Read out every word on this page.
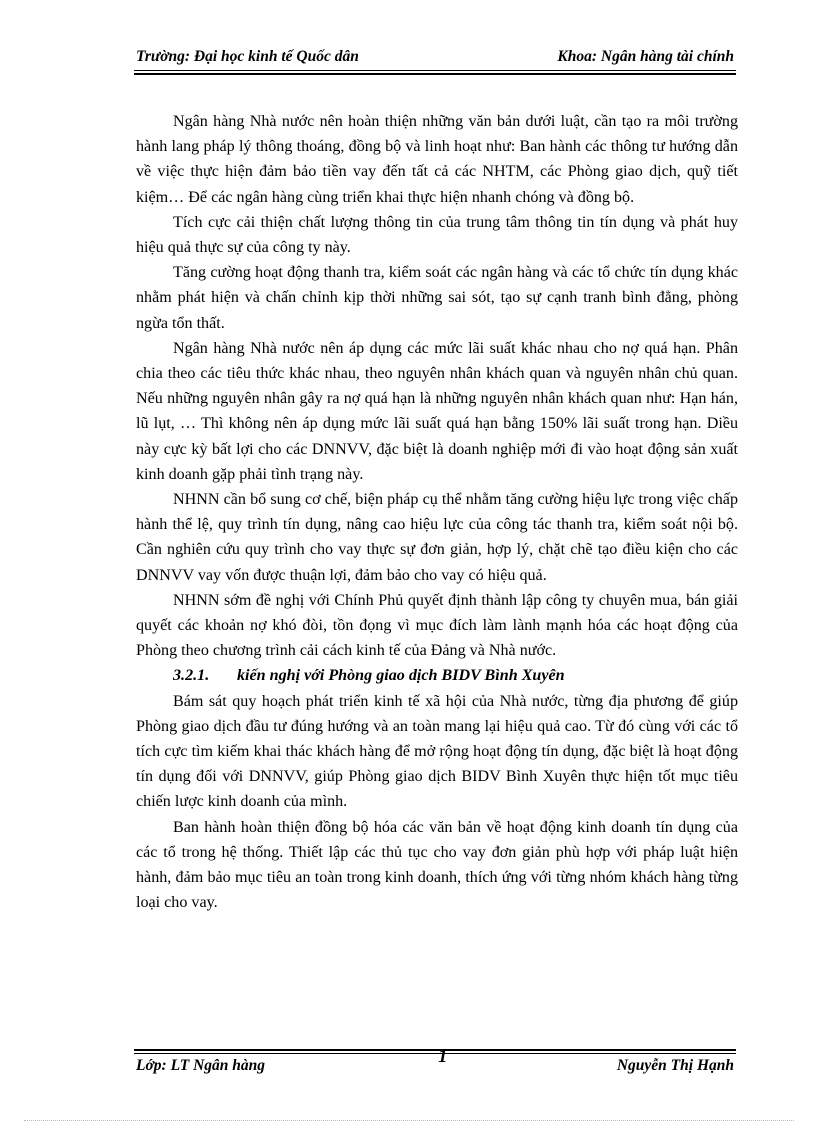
Trường: Đại học kinh tế Quốc dân	Khoa: Ngân hàng tài chính

Ngân hàng Nhà nước nên hoàn thiện những văn bản dưới luật, cần tạo ra môi trường hành lang pháp lý thông thoáng, đồng bộ và linh hoạt như: Ban hành các thông tư hướng dẫn về việc thực hiện đảm bảo tiền vay đến tất cả các NHTM, các Phòng giao dịch, quỹ tiết kiệm… Để các ngân hàng cùng triển khai thực hiện nhanh chóng và đồng bộ.

Tích cực cải thiện chất lượng thông tin của trung tâm thông tin tín dụng và phát huy hiệu quả thực sự của công ty này.

Tăng cường hoạt động thanh tra, kiểm soát các ngân hàng và các tổ chức tín dụng khác nhằm phát hiện và chấn chỉnh kịp thời những sai sót, tạo sự cạnh tranh bình đẳng, phòng ngừa tổn thất.

Ngân hàng Nhà nước nên áp dụng các mức lãi suất khác nhau cho nợ quá hạn. Phân chia theo các tiêu thức khác nhau, theo nguyên nhân khách quan và nguyên nhân chủ quan. Nếu những nguyên nhân gây ra nợ quá hạn là những nguyên nhân khách quan như: Hạn hán, lũ lụt, … Thì không nên áp dụng mức lãi suất quá hạn bằng 150% lãi suất trong hạn. Diều này cực kỳ bất lợi cho các DNNVV, đặc biệt là doanh nghiệp mới đi vào hoạt động sản xuất kinh doanh gặp phải tình trạng này.

NHNN cần bổ sung cơ chế, biện pháp cụ thể nhằm tăng cường hiệu lực trong việc chấp hành thể lệ, quy trình tín dụng, nâng cao hiệu lực của công tác thanh tra, kiểm soát nội bộ. Cần nghiên cứu quy trình cho vay thực sự đơn giản, hợp lý, chặt chẽ tạo điều kiện cho các DNNVV vay vốn được thuận lợi, đảm bảo cho vay có hiệu quả.

NHNN sớm đề nghị với Chính Phủ quyết định thành lập công ty chuyên mua, bán giải quyết các khoản nợ khó đòi, tồn đọng vì mục đích làm lành mạnh hóa các hoạt động của Phòng theo chương trình cải cách kinh tế của Đảng và Nhà nước.

3.2.1. kiến nghị với Phòng giao dịch BIDV Bình Xuyên

Bám sát quy hoạch phát triển kinh tế xã hội của Nhà nước, từng địa phương để giúp Phòng giao dịch đầu tư đúng hướng và an toàn mang lại hiệu quả cao. Từ đó cùng với các tổ tích cực tìm kiếm khai thác khách hàng để mở rộng hoạt động tín dụng, đặc biệt là hoạt động tín dụng đối với DNNVV, giúp Phòng giao dịch BIDV Bình Xuyên thực hiện tốt mục tiêu chiến lược kinh doanh của mình.

Ban hành hoàn thiện đồng bộ hóa các văn bản về hoạt động kinh doanh tín dụng của các tổ trong hệ thống. Thiết lập các thủ tục cho vay đơn giản phù hợp với pháp luật hiện hành, đảm bảo mục tiêu an toàn trong kinh doanh, thích ứng với từng nhóm khách hàng từng loại cho vay.

Lớp: LT Ngân hàng	1	Nguyễn Thị Hạnh
